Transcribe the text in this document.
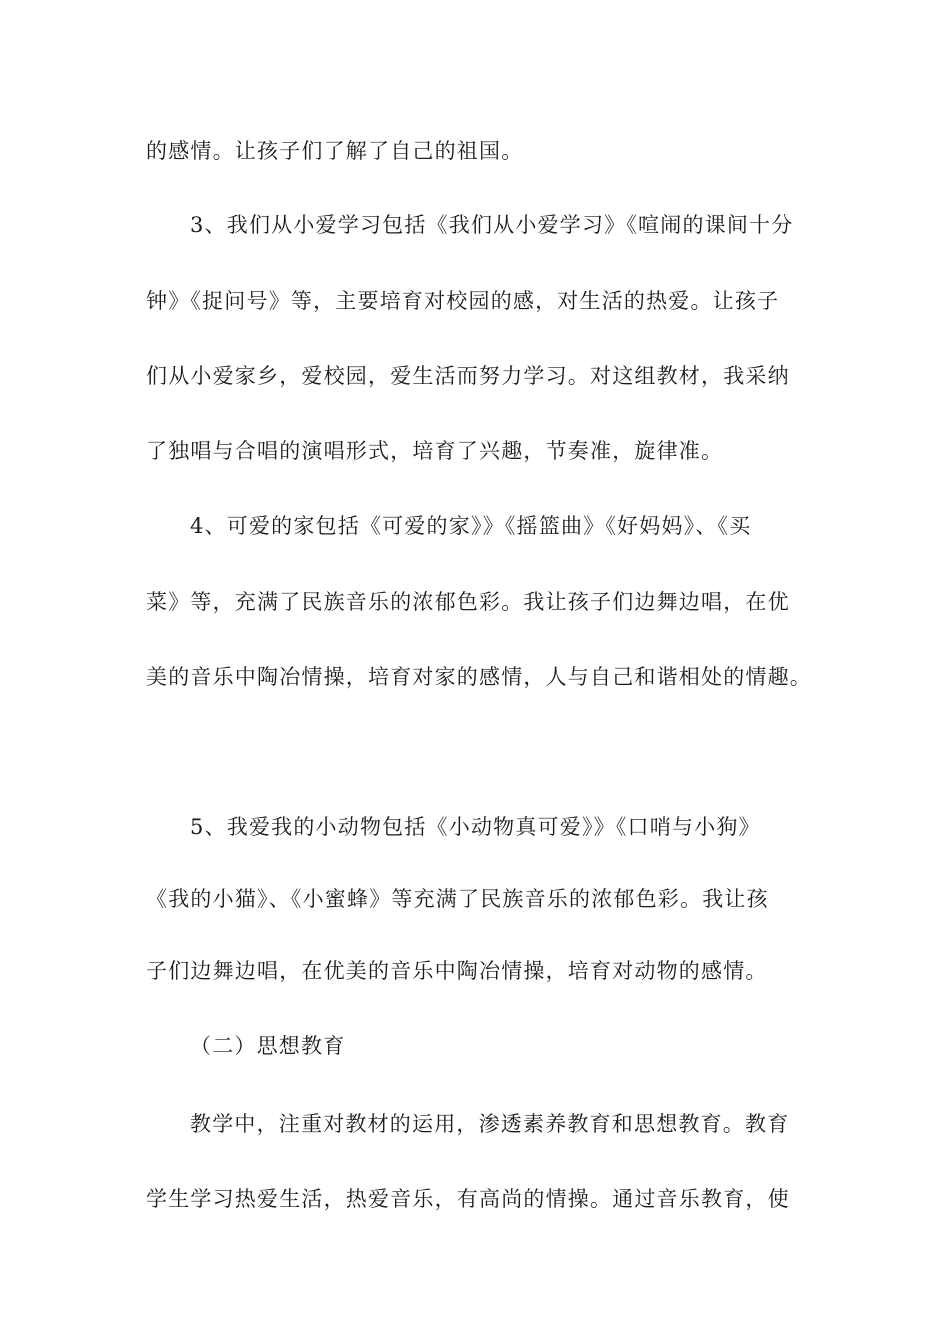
的感情。让孩子们了解了自己的祖国。

3、我们从小爱学习包括《我们从小爱学习》《喧闹的课间十分

钟》《捉问号》等，主要培育对校园的感，对生活的热爱。让孩子

们从小爱家乡，爱校园，爱生活而努力学习。对这组教材，我采纳

了独唱与合唱的演唱形式，培育了兴趣，节奏准，旋律准。

4、可爱的家包括《可爱的家》》《摇篮曲》《好妈妈》、《买

菜》等，充满了民族音乐的浓郁色彩。我让孩子们边舞边唱，在优

美的音乐中陶冶情操，培育对家的感情，人与自己和谐相处的情趣。

5、我爱我的小动物包括《小动物真可爱》》《口哨与小狗》

《我的小猫》、《小蜜蜂》等充满了民族音乐的浓郁色彩。我让孩

子们边舞边唱，在优美的音乐中陶冶情操，培育对动物的感情。

（二）思想教育

教学中，注重对教材的运用，渗透素养教育和思想教育。教育

学生学习热爱生活，热爱音乐，有高尚的情操。通过音乐教育，使
